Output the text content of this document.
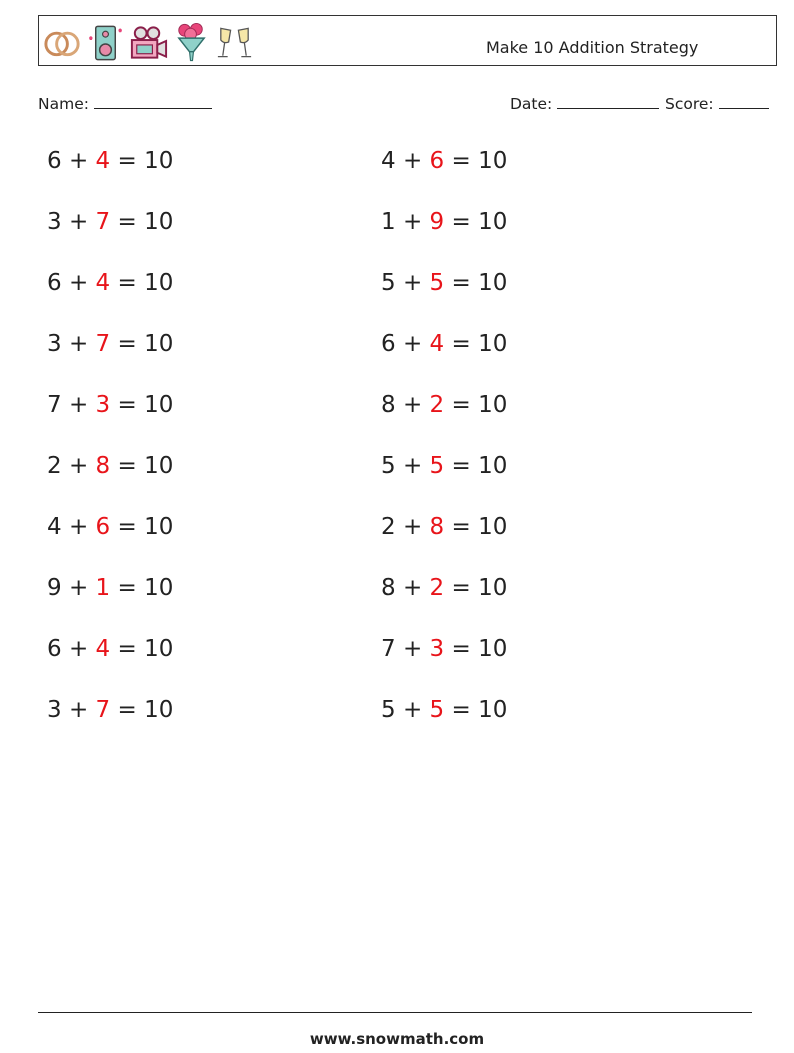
Make 10 Addition Strategy
Name:	Date:	Score:
6 + 4 = 10
3 + 7 = 10
6 + 4 = 10
3 + 7 = 10
7 + 3 = 10
2 + 8 = 10
4 + 6 = 10
9 + 1 = 10
6 + 4 = 10
3 + 7 = 10
4 + 6 = 10
1 + 9 = 10
5 + 5 = 10
6 + 4 = 10
8 + 2 = 10
5 + 5 = 10
2 + 8 = 10
8 + 2 = 10
7 + 3 = 10
5 + 5 = 10
www.snowmath.com
